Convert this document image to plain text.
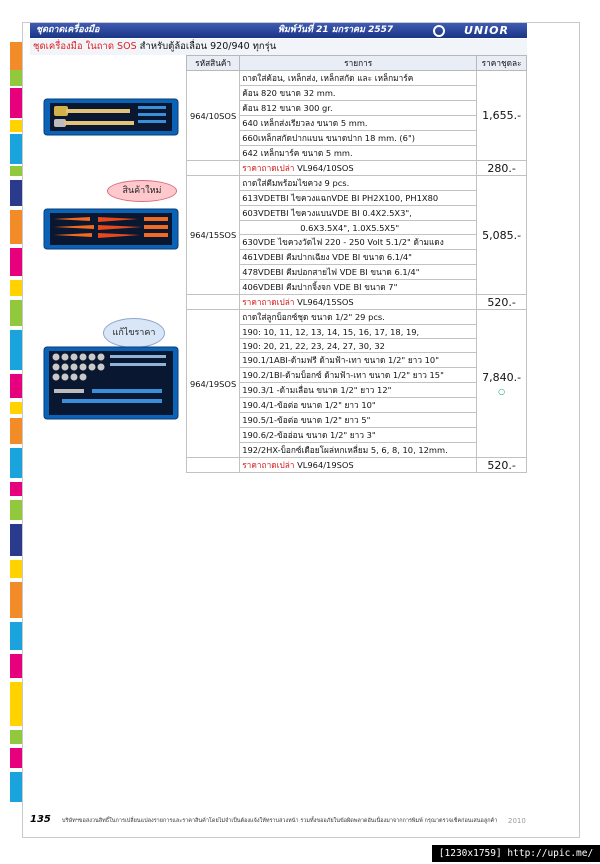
ชุดถาดเครื่องมือ	พิมพ์วันที่ 21 มกราคม 2557	UNIOR
ชุดเครื่องมือ ในถาด SOS สำหรับตู้ล้อเลื่อน 920/940 ทุกรุ่น
สินค้าใหม่
แก้ไขราคา
รหัสสินค้า	รายการ	ราคาชุดละ
964/10SOS	ถาดใส่ค้อน, เหล็กส่ง, เหล็กสกัด และ เหล็กมาร์ค	1,655.-
	ค้อน 820 ขนาด 32 mm.	
	ค้อน 812 ขนาด 300 gr.	
	640 เหล็กส่งเรียวลง ขนาด 5 mm.	
	660เหล็กสกัดปากแบน ขนาดปาก 18 mm. (6")	
	642 เหล็กมาร์ค ขนาด 5 mm.	
	ราคาถาดเปล่า VL964/10SOS	280.-
964/15SOS	ถาดใส่คีมพร้อมไขควง 9 pcs.	5,085.-
	613VDETBI ไขควงแฉกVDE BI PH2X100, PH1X80	
	603VDETBI ไขควงแบนVDE BI 0.4X2.5X3",	
	0.6X3.5X4", 1.0X5.5X5"	
	630VDE ไขควงวัดไฟ 220 - 250 Volt 5.1/2" ด้ามแดง	
	461VDEBI คีมปากเฉียง VDE BI ขนาด 6.1/4"	
	478VDEBI คีมปอกสายไฟ VDE BI ขนาด 6.1/4"	
	406VDEBI คีมปากจิ้งจก VDE BI ขนาด 7"	
	ราคาถาดเปล่า VL964/15SOS	520.-
964/19SOS	ถาดใส่ลูกบ็อกซ์ชุด ขนาด 1/2" 29 pcs.	7,840.-
○
	190: 10, 11, 12, 13, 14, 15, 16, 17, 18, 19,	
	190: 20, 21, 22, 23, 24, 27, 30, 32	
	190.1/1ABI-ด้ามฟรี ด้ามฟ้า-เทา ขนาด 1/2" ยาว 10"	
	190.2/1BI-ด้ามบ็อกซ์ ด้ามฟ้า-เทา ขนาด 1/2" ยาว 15"	
	190.3/1 -ด้ามเลื่อน ขนาด 1/2" ยาว 12"	
	190.4/1-ข้อต่อ ขนาด 1/2" ยาว 10"	
	190.5/1-ข้อต่อ ขนาด 1/2" ยาว 5"	
	190.6/2-ข้ออ่อน ขนาด 1/2" ยาว 3"	
	192/2HX-บ็อกซ์เดือยโผล่หกเหลี่ยม 5, 6, 8, 10, 12mm.	
	ราคาถาดเปล่า VL964/19SOS	520.-
135 บริษัทฯขอสงวนสิทธิ์ในการเปลี่ยนแปลงรายการและราคาสินค้าโดยไม่จำเป็นต้องแจ้งให้ทราบล่วงหน้า รวมทั้งขออภัยในข้อผิดพลาดอันเนื่องมาจากการพิมพ์ กรุณาตรวจเช็คก่อนเสนอลูกค้า 2010
[1230x1759] http://upic.me/
